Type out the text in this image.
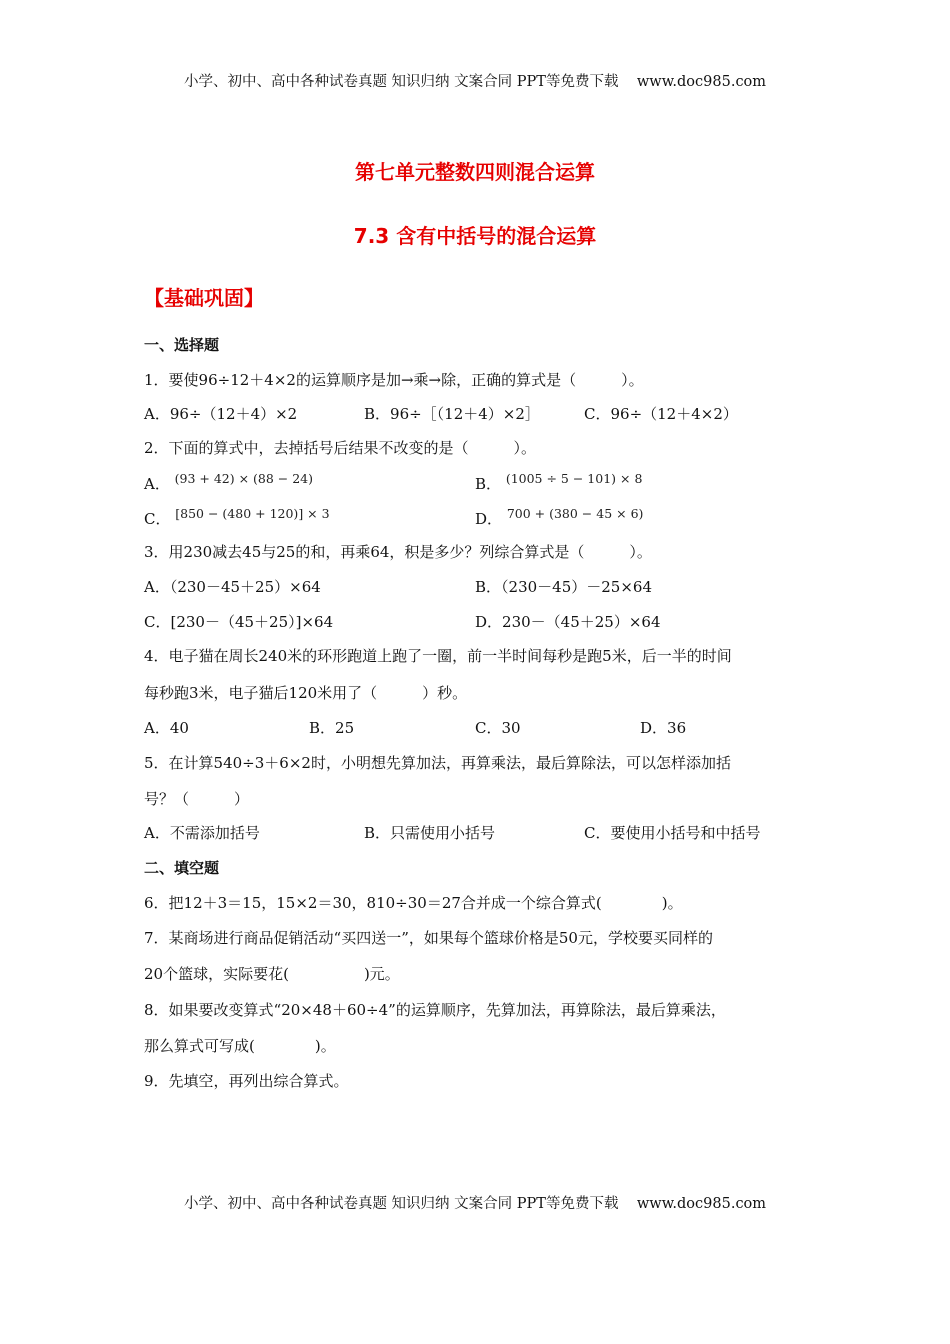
小学、初中、高中各种试卷真题 知识归纳 文案合同 PPT等免费下载    www.doc985.com
第七单元整数四则混合运算
7.3 含有中括号的混合运算
【基础巩固】
一、选择题
1．要使96÷12＋4×2的运算顺序是加→乘→除，正确的算式是（　　　）。
A．96÷（12＋4）×2	B．96÷［（12＋4）×2］	C．96÷（12＋4×2）
2．下面的算式中，去掉括号后结果不改变的是（　　　）。
A． $^{(93 + 42) \times (88 - 24)}$	B． $^{(1005 \div 5 - 101) \times 8}$
C． $^{[850 - (480 + 120)] \times 3}$	D． $^{700 + (380 - 45 \times 6)}$
3．用230减去45与25的和，再乘64，积是多少？列综合算式是（　　　）。
A．（230－45＋25）×64	B．（230－45）－25×64
C．[230－（45＋25）]×64	D．230－（45＋25）×64
4．电子猫在周长240米的环形跑道上跑了一圈，前一半时间每秒是跑5米，后一半的时间
每秒跑3米，电子猫后120米用了（　　　）秒。
A．40	B．25	C．30	D．36
5．在计算540÷3＋6×2时，小明想先算加法，再算乘法，最后算除法，可以怎样添加括
号？（　　　）
A．不需添加括号	B．只需使用小括号	C．要使用小括号和中括号
二、填空题
6．把12＋3＝15，15×2＝30，810÷30＝27合并成一个综合算式(　　　　)。
7．某商场进行商品促销活动“买四送一”，如果每个篮球价格是50元，学校要买同样的
20个篮球，实际要花(　　　　　)元。
8．如果要改变算式“20×48＋60÷4”的运算顺序，先算加法，再算除法，最后算乘法，
那么算式可写成(　　　　)。
9．先填空，再列出综合算式。
小学、初中、高中各种试卷真题 知识归纳 文案合同 PPT等免费下载    www.doc985.com
